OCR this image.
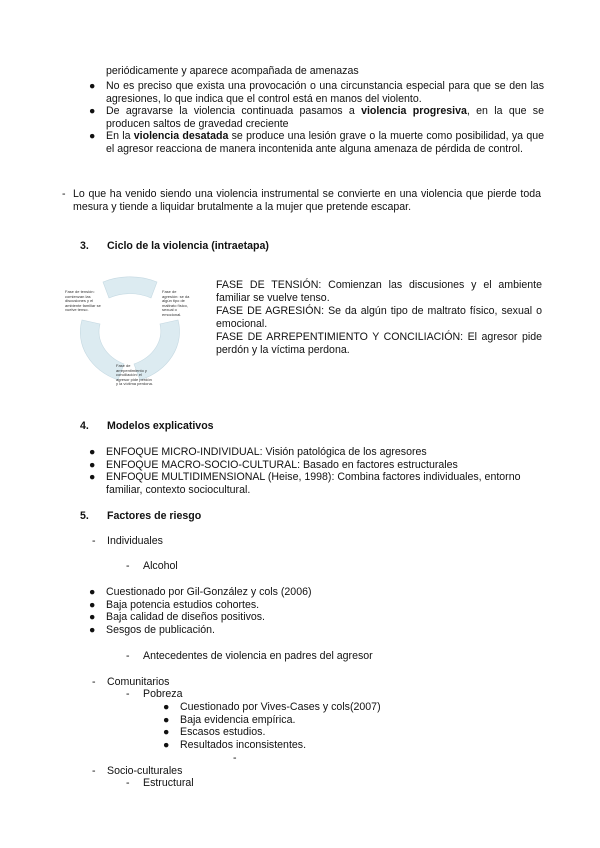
periódicamente y aparece acompañada de amenazas
● No es preciso que exista una provocación o una circunstancia especial para que se den las agresiones, lo que indica que el control está en manos del violento.
● De agravarse la violencia continuada pasamos a violencia progresiva, en la que se producen saltos de gravedad creciente
● En la violencia desatada se produce una lesión grave o la muerte como posibilidad, ya que el agresor reacciona de manera incontenida ante alguna amenaza de pérdida de control.
- Lo que ha venido siendo una violencia instrumental se convierte en una violencia que pierde toda mesura y tiende a liquidar brutalmente a la mujer que pretende escapar.
3. Ciclo de la violencia (intraetapa)
Fase de tensión: comienzan las discusiones y el ambiente familiar se vuelve tenso.
Fase de agresión: se da algún tipo de maltrato físico, sexual o emocional.
Fase de arrepentimiento y conciliación: el agresor pide perdón y la víctima perdona.
FASE DE TENSIÓN: Comienzan las discusiones y el ambiente familiar se vuelve tenso.
FASE DE AGRESIÓN: Se da algún tipo de maltrato físico, sexual o emocional.
FASE DE ARREPENTIMIENTO Y CONCILIACIÓN: El agresor pide perdón y la víctima perdona.
4. Modelos explicativos
● ENFOQUE MICRO-INDIVIDUAL: Visión patológica de los agresores
● ENFOQUE MACRO-SOCIO-CULTURAL: Basado en factores estructurales
● ENFOQUE MULTIDIMENSIONAL (Heise, 1998): Combina factores individuales, entorno familiar, contexto sociocultural.
5. Factores de riesgo
- Individuales
- Alcohol
● Cuestionado por Gil-González y cols (2006)
● Baja potencia estudios cohortes.
● Baja calidad de diseños positivos.
● Sesgos de publicación.
- Antecedentes de violencia en padres del agresor
- Comunitarios
- Pobreza
● Cuestionado por Vives-Cases y cols(2007)
● Baja evidencia empírica.
● Escasos estudios.
● Resultados inconsistentes.
-
- Socio-culturales
- Estructural
